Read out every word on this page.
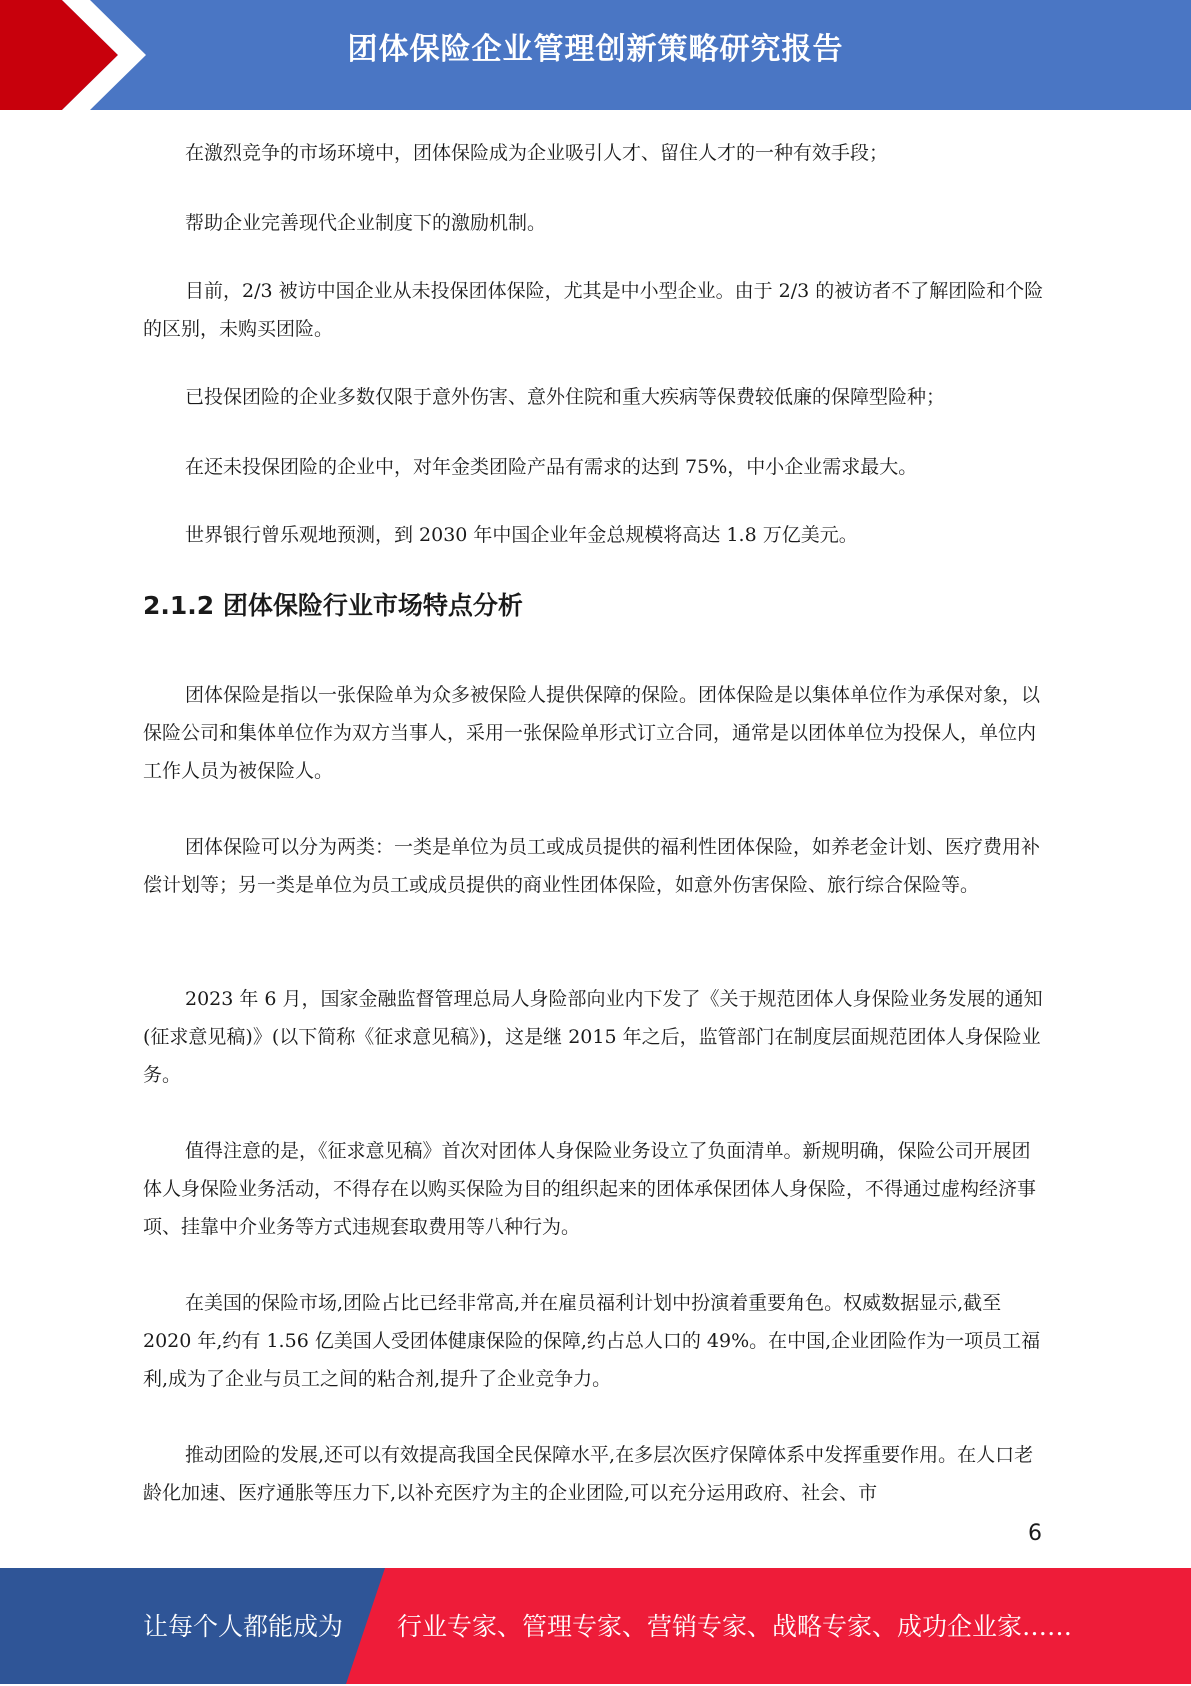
团体保险企业管理创新策略研究报告

在激烈竞争的市场环境中，团体保险成为企业吸引人才、留住人才的一种有效手段；

帮助企业完善现代企业制度下的激励机制。

目前，2/3 被访中国企业从未投保团体保险，尤其是中小型企业。由于 2/3 的被访者不了解团险和个险的区别，未购买团险。

已投保团险的企业多数仅限于意外伤害、意外住院和重大疾病等保费较低廉的保障型险种；

在还未投保团险的企业中，对年金类团险产品有需求的达到 75%，中小企业需求最大。

世界银行曾乐观地预测，到 2030 年中国企业年金总规模将高达 1.8 万亿美元。

2.1.2 团体保险行业市场特点分析

团体保险是指以一张保险单为众多被保险人提供保障的保险。团体保险是以集体单位作为承保对象，以保险公司和集体单位作为双方当事人，采用一张保险单形式订立合同，通常是以团体单位为投保人，单位内工作人员为被保险人。

团体保险可以分为两类：一类是单位为员工或成员提供的福利性团体保险，如养老金计划、医疗费用补偿计划等；另一类是单位为员工或成员提供的商业性团体保险，如意外伤害保险、旅行综合保险等。

2023 年 6 月，国家金融监督管理总局人身险部向业内下发了《关于规范团体人身保险业务发展的通知(征求意见稿)》(以下简称《征求意见稿》)，这是继 2015 年之后，监管部门在制度层面规范团体人身保险业务。

值得注意的是，《征求意见稿》首次对团体人身保险业务设立了负面清单。新规明确，保险公司开展团体人身保险业务活动，不得存在以购买保险为目的组织起来的团体承保团体人身保险，不得通过虚构经济事项、挂靠中介业务等方式违规套取费用等八种行为。

在美国的保险市场,团险占比已经非常高,并在雇员福利计划中扮演着重要角色。权威数据显示,截至 2020 年,约有 1.56 亿美国人受团体健康保险的保障,约占总人口的 49%。在中国,企业团险作为一项员工福利,成为了企业与员工之间的粘合剂,提升了企业竞争力。

推动团险的发展,还可以有效提高我国全民保障水平,在多层次医疗保障体系中发挥重要作用。在人口老龄化加速、医疗通胀等压力下,以补充医疗为主的企业团险,可以充分运用政府、社会、市

6
让每个人都能成为 行业专家、管理专家、营销专家、战略专家、成功企业家……
